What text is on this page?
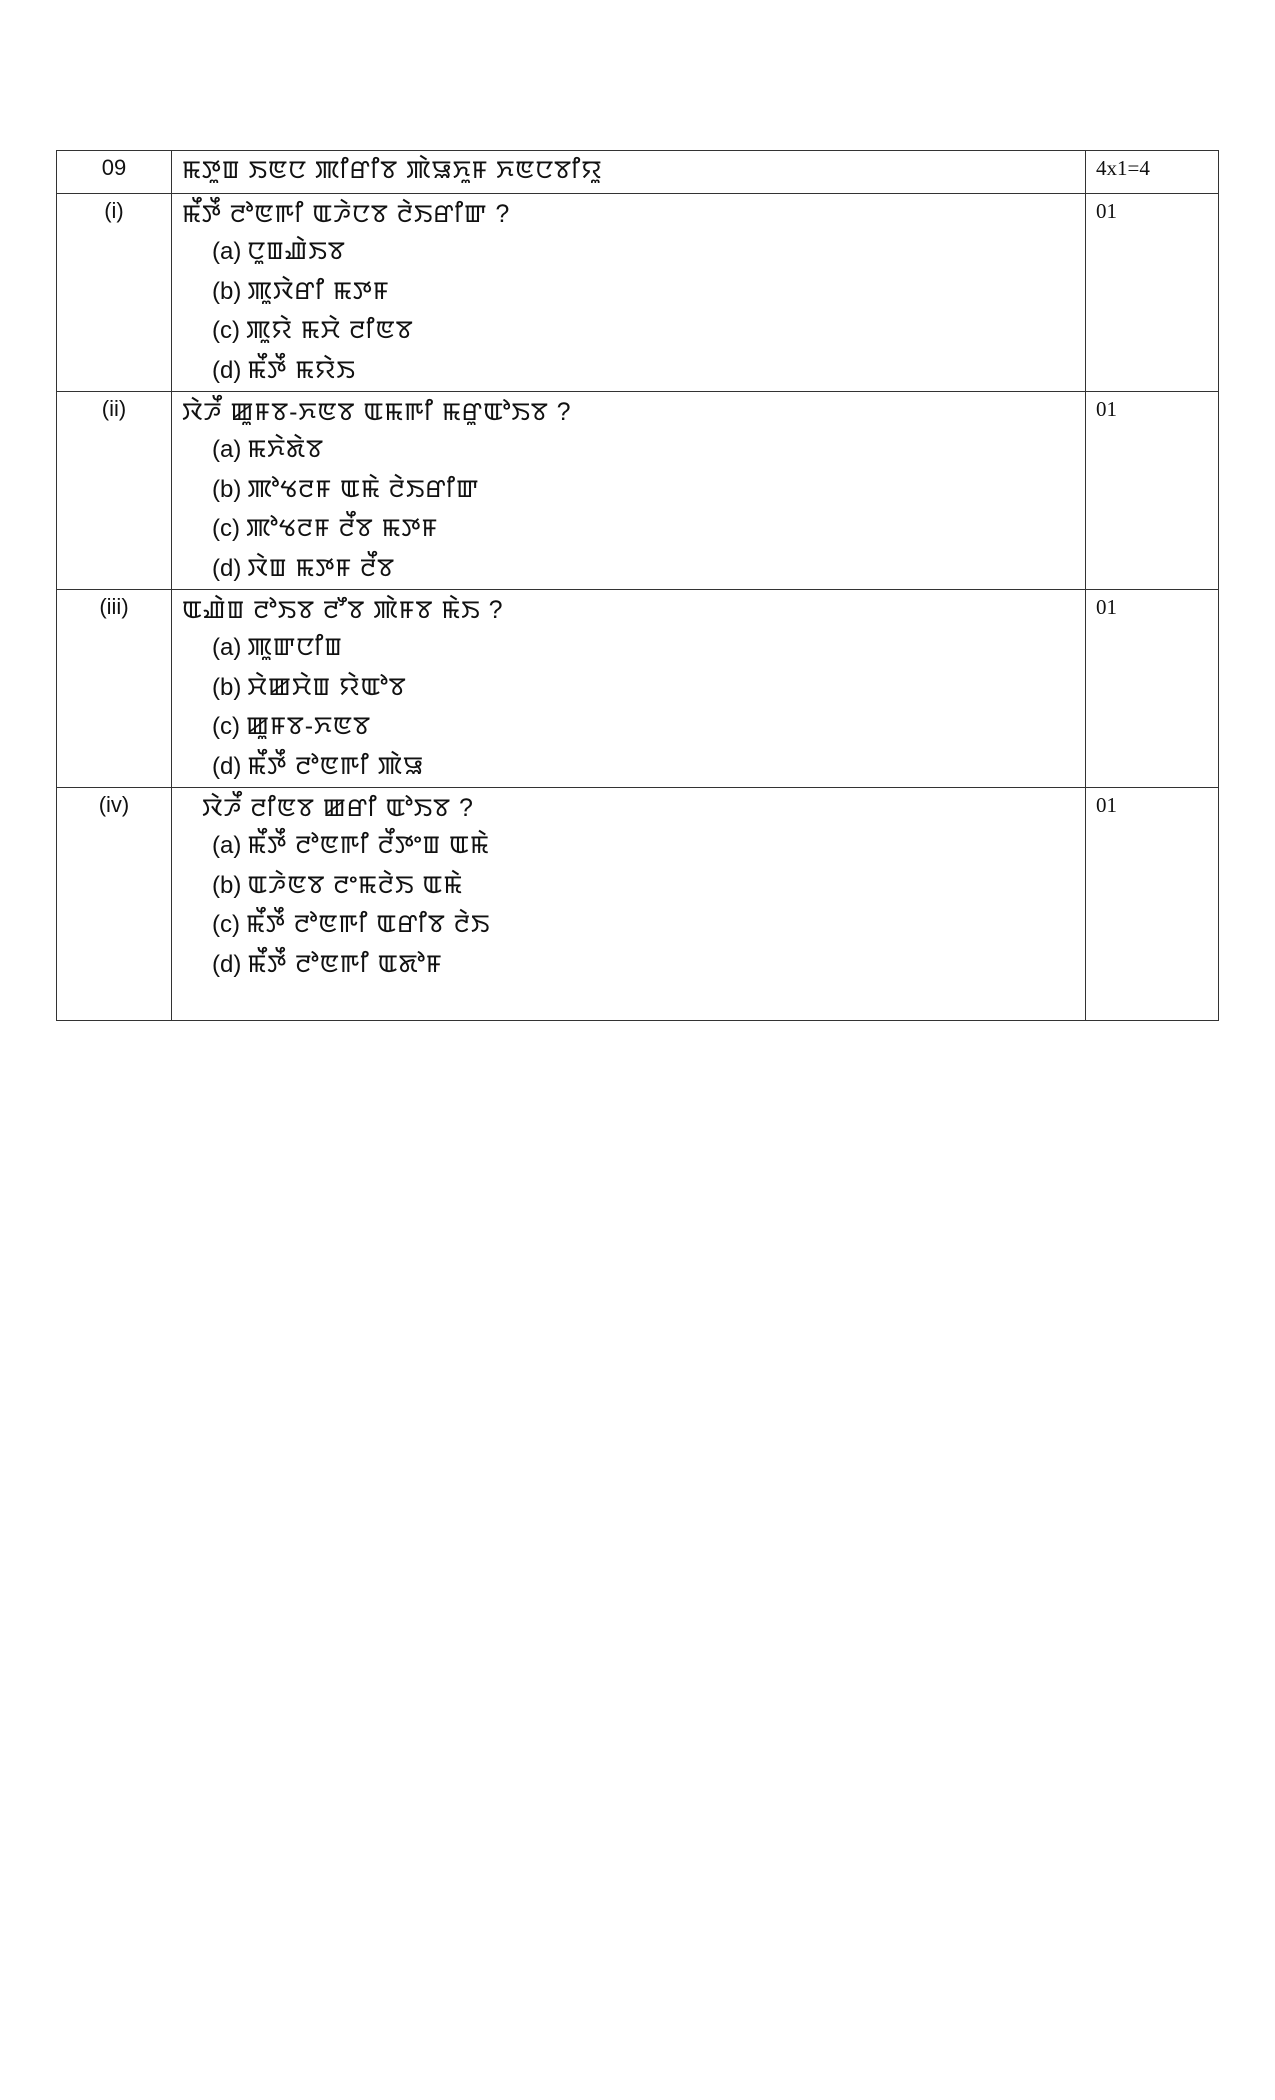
09	ꯃꯇꯨꯡ ꯏꯟꯅ ꯄꯤꯔꯤꯕ ꯄꯥꯎꯈꯨꯝ ꯈꯟꯅꯕꯤꯌꯨ	4x1=4
(i)	ꯃꯩꯇꯩ ꯂꯣꯟꯒꯤ ꯑꯍꯥꯅꯕ ꯂꯥꯏꯔꯤꯛ ?
(a) ꯅꯨꯡꯉꯥꯏꯕ
(b) ꯄꯨꯋꯥꯔꯤ ꯃꯇꯝ
(c) ꯄꯨꯌꯥ ꯃꯆꯥ ꯂꯤꯟꯕ
(d) ꯃꯩꯇꯩ ꯃꯌꯥꯏ	01
(ii)	ꯋꯥꯍꯩ ꯀꯨꯝꯕ-ꯈꯟꯕ ꯑꯃꯒꯤ ꯃꯔꯨꯑꯣꯏꯕ ?
(a) ꯃꯈꯥꯗꯥꯕ
(b) ꯄꯣꯠꯂꯝ ꯑꯃꯥ ꯂꯥꯏꯔꯤꯛ
(c) ꯄꯣꯠꯂꯝ ꯂꯩꯕ ꯃꯇꯝ
(d) ꯋꯥꯡ ꯃꯇꯝ ꯂꯩꯕ	01
(iii)	ꯑꯉꯥꯡ ꯂꯣꯏꯕ ꯂꯧꯕ ꯄꯥꯝꯕ ꯃꯥꯏ ?
(a) ꯄꯨꯛꯅꯤꯡ
(b) ꯆꯥꯀꯆꯥꯡ ꯌꯥꯑꯣꯕ
(c) ꯀꯨꯝꯕ-ꯈꯟꯕ
(d) ꯃꯩꯇꯩ ꯂꯣꯟꯒꯤ ꯄꯥꯎ	01
(iv)	ꯋꯥꯍꯩ ꯂꯤꯟꯕ ꯀꯔꯤ ꯑꯣꯏꯕ ?
(a) ꯃꯩꯇꯩ ꯂꯣꯟꯒꯤ ꯂꯩꯇꯦꯡ ꯑꯃꯥ
(b) ꯑꯍꯥꯟꯕ ꯂꯦꯃꯂꯥꯏ ꯑꯃꯥ
(c) ꯃꯩꯇꯩ ꯂꯣꯟꯒꯤ ꯑꯔꯤꯕ ꯂꯥꯏ
(d) ꯃꯩꯇꯩ ꯂꯣꯟꯒꯤ ꯑꯗꯣꯝ	01
